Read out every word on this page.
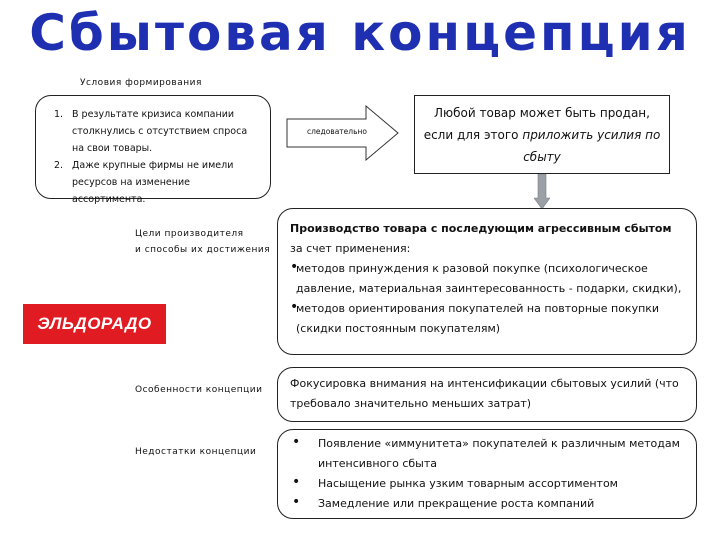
Сбытовая концепция
Условия формирования
1. В результате кризиса компании столкнулись с отсутствием спроса на свои товары.
2. Даже крупные фирмы не имели ресурсов на изменение ассортимента.
следовательно
Любой товар может быть продан, если для этого приложить усилия по сбыту
Цели производителя
и способы их достижения
ЭЛЬДОРАДО
Производство товара с последующим агрессивным сбытом за счет применения:
•
методов принуждения к разовой покупке (психологическое давление, материальная заинтересованность - подарки, скидки),
•
методов ориентирования покупателей на повторные покупки (скидки постоянным покупателям)
Особенности концепции	Фокусировка внимания на интенсификации сбытовых усилий (что требовало значительно меньших затрат)
Недостатки концепции
• Появление «иммунитета» покупателей к различным методам интенсивного сбыта
• Насыщение рынка узким товарным ассортиментом
• Замедление или прекращение роста компаний
